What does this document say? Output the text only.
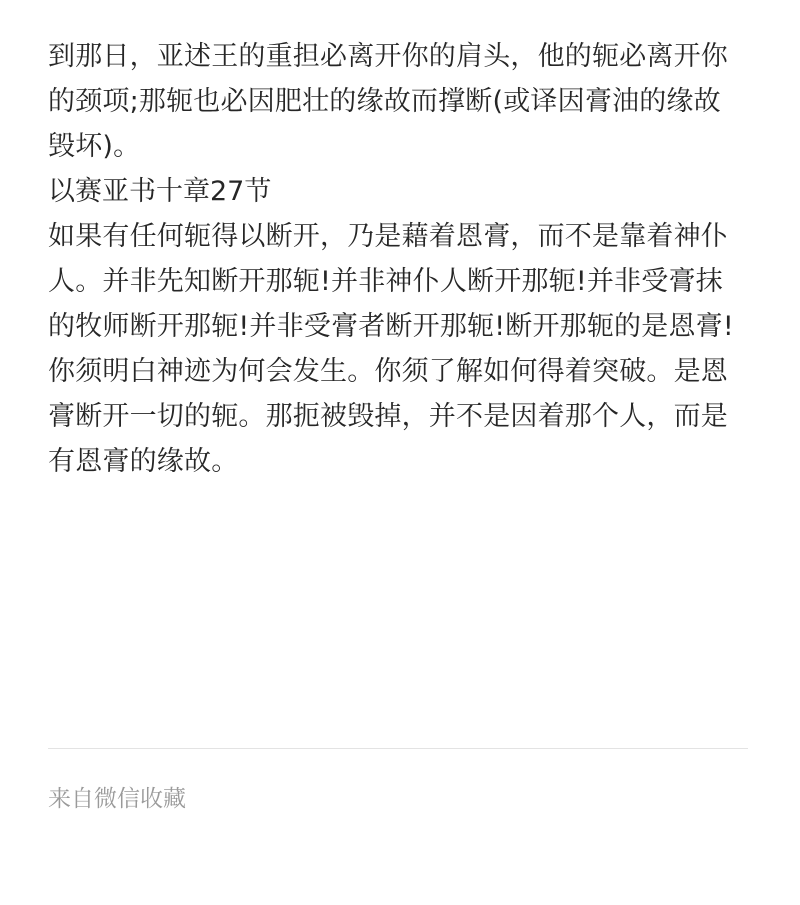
到那日，亚述王的重担必离开你的肩头，他的轭必离开你的颈项;那轭也必因肥壮的缘故而撑断(或译因膏油的缘故毁坏)。

以赛亚书十章27节

如果有任何轭得以断开，乃是藉着恩膏，而不是靠着神仆人。并非先知断开那轭!并非神仆人断开那轭!并非受膏抹的牧师断开那轭!并非受膏者断开那轭!断开那轭的是恩膏!你须明白神迹为何会发生。你须了解如何得着突破。是恩膏断开一切的轭。那扼被毁掉，并不是因着那个人，而是有恩膏的缘故。

来自微信收藏
